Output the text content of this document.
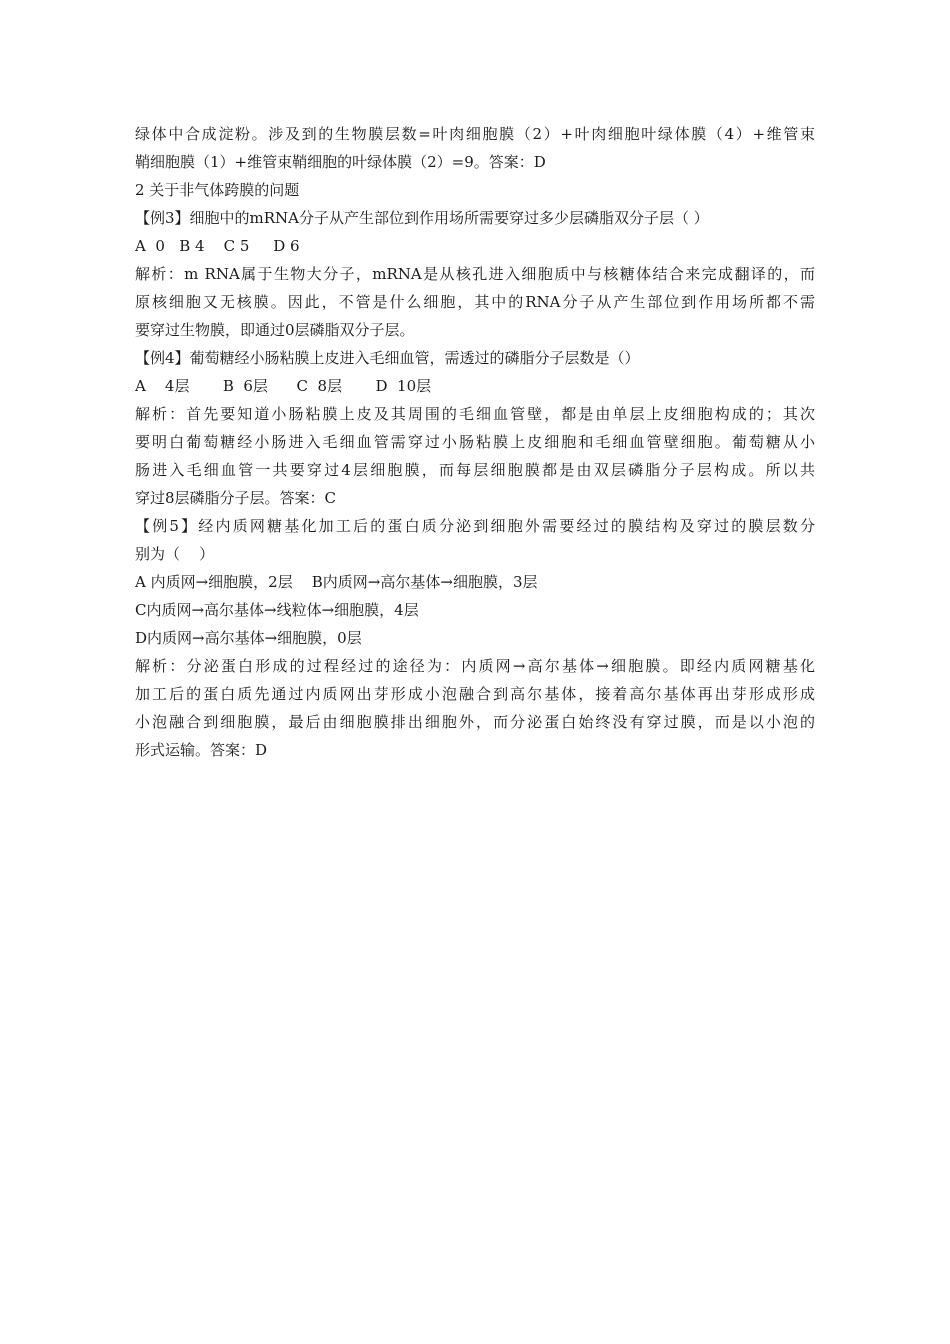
绿体中合成淀粉。涉及到的生物膜层数=叶肉细胞膜（2）+叶肉细胞叶绿体膜（4）+维管束

鞘细胞膜（1）+维管束鞘细胞的叶绿体膜（2）=9。答案：D

2 关于非气体跨膜的问题

【例3】细胞中的mRNA分子从产生部位到作用场所需要穿过多少层磷脂双分子层（ ）

A  0   B 4    C 5     D 6

解析：m RNA属于生物大分子，mRNA是从核孔进入细胞质中与核糖体结合来完成翻译的，而

原核细胞又无核膜。因此，不管是什么细胞，其中的RNA分子从产生部位到作用场所都不需

要穿过生物膜，即通过0层磷脂双分子层。

【例4】葡萄糖经小肠粘膜上皮进入毛细血管，需透过的磷脂分子层数是（）

A    4层       B  6层      C  8层       D  10层

解析：首先要知道小肠粘膜上皮及其周围的毛细血管壁，都是由单层上皮细胞构成的；其次

要明白葡萄糖经小肠进入毛细血管需穿过小肠粘膜上皮细胞和毛细血管壁细胞。葡萄糖从小

肠进入毛细血管一共要穿过4层细胞膜，而每层细胞膜都是由双层磷脂分子层构成。所以共

穿过8层磷脂分子层。答案：C

【例5】经内质网糖基化加工后的蛋白质分泌到细胞外需要经过的膜结构及穿过的膜层数分

别为（    ）

A 内质网→细胞膜，2层    B内质网→高尔基体→细胞膜，3层

C内质网→高尔基体→线粒体→细胞膜，4层

D内质网→高尔基体→细胞膜，0层

解析：分泌蛋白形成的过程经过的途径为：内质网→高尔基体→细胞膜。即经内质网糖基化

加工后的蛋白质先通过内质网出芽形成小泡融合到高尔基体，接着高尔基体再出芽形成形成

小泡融合到细胞膜，最后由细胞膜排出细胞外，而分泌蛋白始终没有穿过膜，而是以小泡的

形式运输。答案：D
